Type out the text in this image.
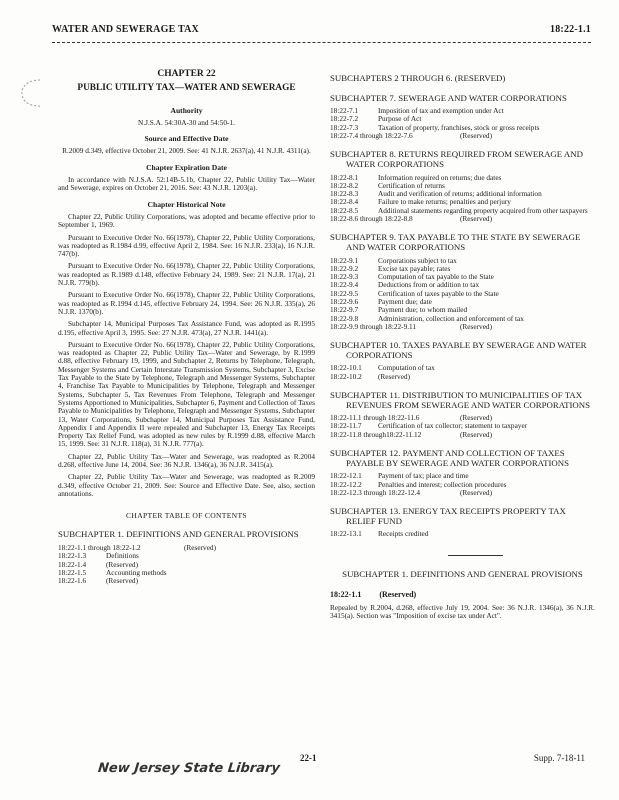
WATER AND SEWERAGE TAX	18:22-1.1
CHAPTER 22
PUBLIC UTILITY TAX—WATER AND SEWERAGE
Authority
N.J.S.A. 54:30A-30 and 54:50-1.
Source and Effective Date
R.2009 d.349, effective October 21, 2009. See: 41 N.J.R. 2637(a), 41 N.J.R. 4311(a).
Chapter Expiration Date

In accordance with N.J.S.A. 52:14B-5.1b, Chapter 22, Public Utility Tax—Water and Sewerage, expires on October 21, 2016. See: 43 N.J.R. 1203(a).

Chapter Historical Note

Chapter 22, Public Utility Corporations, was adopted and became effective prior to September 1, 1969.

Pursuant to Executive Order No. 66(1978), Chapter 22, Public Utility Corporations, was readopted as R.1984 d.99, effective April 2, 1984. See: 16 N.J.R. 233(a), 16 N.J.R. 747(b).

Pursuant to Executive Order No. 66(1978), Chapter 22, Public Utility Corporations, was readopted as R.1989 d.148, effective February 24, 1989. See: 21 N.J.R. 17(a), 21 N.J.R. 779(b).

Pursuant to Executive Order No. 66(1978), Chapter 22, Public Utility Corporations, was readopted as R.1994 d.145, effective February 24, 1994. See: 26 N.J.R. 335(a), 26 N.J.R. 1370(b).

Subchapter 14, Municipal Purposes Tax Assistance Fund, was adopted as R.1995 d.195, effective April 3, 1995. See: 27 N.J.R. 473(a), 27 N.J.R. 1441(a).

Pursuant to Executive Order No. 66(1978), Chapter 22, Public Utility Corporations, was readopted as Chapter 22, Public Utility Tax—Water and Sewerage, by R.1999 d.88, effective February 19, 1999, and Subchapter 2, Returns by Telephone, Telegraph, Messenger Systems and Certain Interstate Transmission Systems, Subchapter 3, Excise Tax Payable to the State by Telephone, Telegraph and Messenger Systems, Subchapter 4, Franchise Tax Payable to Municipalities by Telephone, Telegraph and Messenger Systems, Subchapter 5, Tax Revenues From Telephone, Telegraph and Messenger Systems Apportioned to Municipalities, Subchapter 6, Payment and Collection of Taxes Payable to Municipalities by Telephone, Telegraph and Messenger Systems, Subchapter 13, Water Corporations, Subchapter 14, Municipal Purposes Tax Assistance Fund, Appendix I and Appendix II were repealed and Subchapter 13, Energy Tax Receipts Property Tax Relief Fund, was adopted as new rules by R.1999 d.88, effective March 15, 1999. See: 31 N.J.R. 118(a), 31 N.J.R. 777(a).

Chapter 22, Public Utility Tax—Water and Sewerage, was readopted as R.2004 d.268, effective June 14, 2004. See: 36 N.J.R. 1346(a), 36 N.J.R. 3415(a).

Chapter 22, Public Utility Tax—Water and Sewerage, was readopted as R.2009 d.349, effective October 21, 2009. See: Source and Effective Date. See, also, section annotations.

CHAPTER TABLE OF CONTENTS
SUBCHAPTER 1. DEFINITIONS AND GENERAL PROVISIONS
18:22-1.1 through 18:22-1.2	(Reserved)
18:22-1.3	Definitions
18:22-1.4	(Reserved)
18:22-1.5	Accounting methods
18:22-1.6	(Reserved)
SUBCHAPTERS 2 THROUGH 6. (RESERVED)
SUBCHAPTER 7. SEWERAGE AND WATER CORPORATIONS
18:22-7.1	Imposition of tax and exemption under Act
18:22-7.2	Purpose of Act
18:22-7.3	Taxation of property, franchises, stock or gross receipts
18:22-7.4 through 18:22-7.6	(Reserved)
SUBCHAPTER 8. RETURNS REQUIRED FROM SEWERAGE AND WATER CORPORATIONS
18:22-8.1	Information required on returns; due dates
18:22-8.2	Certification of returns
18:22-8.3	Audit and verification of returns; additional information
18:22-8.4	Failure to make returns; penalties and perjury
18:22-8.5	Additional statements regarding property acquired from other taxpayers
18:22-8.6 through 18:22-8.8	(Reserved)
SUBCHAPTER 9. TAX PAYABLE TO THE STATE BY SEWERAGE AND WATER CORPORATIONS
18:22-9.1	Corporations subject to tax
18:22-9.2	Excise tax payable; rates
18:22-9.3	Computation of tax payable to the State
18:22-9.4	Deductions from or addition to tax
18:22-9.5	Certification of taxes payable to the State
18:22-9.6	Payment due; date
18:22-9.7	Payment due; to whom mailed
18:22-9.8	Administration, collection and enforcement of tax
18:22-9.9 through 18:22-9.11	(Reserved)
SUBCHAPTER 10. TAXES PAYABLE BY SEWERAGE AND WATER CORPORATIONS
18:22-10.1	Computation of tax
18:22-10.2	(Reserved)
SUBCHAPTER 11. DISTRIBUTION TO MUNICIPALITIES OF TAX REVENUES FROM SEWERAGE AND WATER CORPORATIONS
18:22-11.1 through 18:22-11.6	(Reserved)
18:22-11.7	Certification of tax collector; statement to taxpayer
18:22-11.8 through18:22-11.12	(Reserved)
SUBCHAPTER 12. PAYMENT AND COLLECTION OF TAXES PAYABLE BY SEWERAGE AND WATER CORPORATIONS
18:22-12.1	Payment of tax; place and time
18:22-12.2	Penalties and interest; collection procedures
18:22-12.3 through 18:22-12.4	(Reserved)
SUBCHAPTER 13. ENERGY TAX RECEIPTS PROPERTY TAX RELIEF FUND
18:22-13.1	Receipts credited
SUBCHAPTER 1. DEFINITIONS AND GENERAL PROVISIONS
18:22-1.1 (Reserved)

Repealed by R.2004, d.268, effective July 19, 2004. See: 36 N.J.R. 1346(a), 36 N.J.R. 3415(a). Section was "Imposition of excise tax under Act".

22-1	Supp. 7-18-11
New Jersey State Library
